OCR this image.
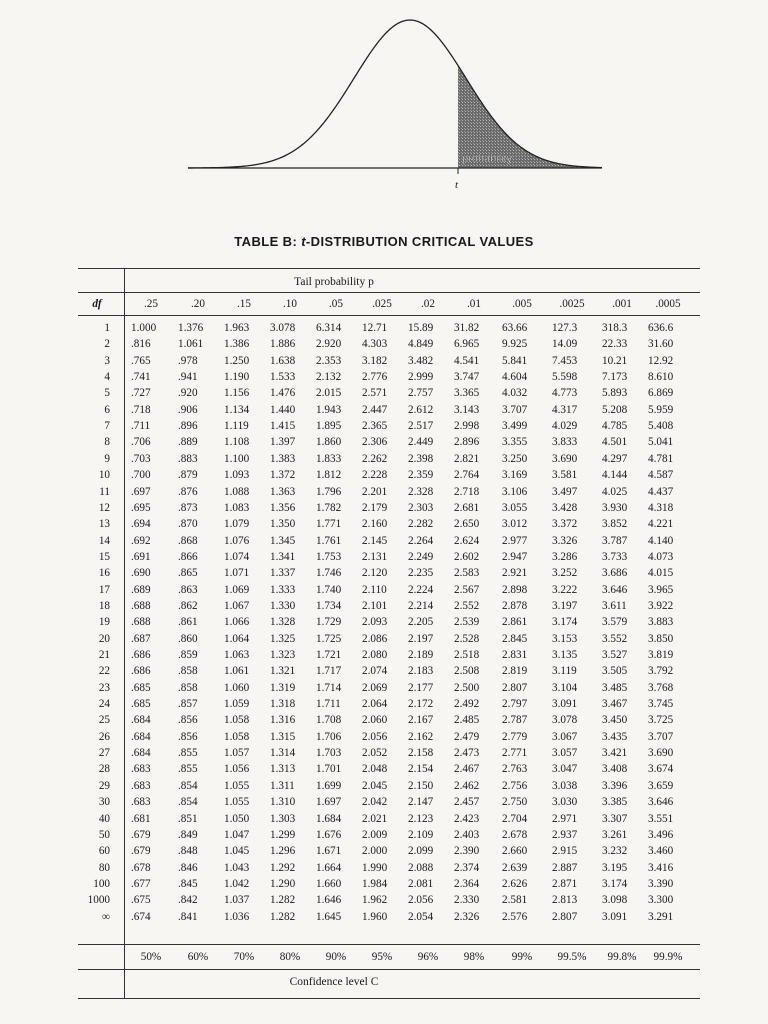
probability
t
TABLE B: t-DISTRIBUTION CRITICAL VALUES
Tail probability p
Confidence level C
df	.25	.20	.15	.10	.05	.025	.02	.01	.005	.0025	.001	.0005
1 1.000 1.376 1.963 3.078 6.314 12.71 15.89 31.82 63.66 127.3 318.3 636.6
2 .816 1.061 1.386 1.886 2.920 4.303 4.849 6.965 9.925 14.09 22.33 31.60
3 .765 .978 1.250 1.638 2.353 3.182 3.482 4.541 5.841 7.453 10.21 12.92
4 .741 .941 1.190 1.533 2.132 2.776 2.999 3.747 4.604 5.598 7.173 8.610
5 .727 .920 1.156 1.476 2.015 2.571 2.757 3.365 4.032 4.773 5.893 6.869
6 .718 .906 1.134 1.440 1.943 2.447 2.612 3.143 3.707 4.317 5.208 5.959
7 .711 .896 1.119 1.415 1.895 2.365 2.517 2.998 3.499 4.029 4.785 5.408
8 .706 .889 1.108 1.397 1.860 2.306 2.449 2.896 3.355 3.833 4.501 5.041
9 .703 .883 1.100 1.383 1.833 2.262 2.398 2.821 3.250 3.690 4.297 4.781
10 .700 .879 1.093 1.372 1.812 2.228 2.359 2.764 3.169 3.581 4.144 4.587
11 .697 .876 1.088 1.363 1.796 2.201 2.328 2.718 3.106 3.497 4.025 4.437
12 .695 .873 1.083 1.356 1.782 2.179 2.303 2.681 3.055 3.428 3.930 4.318
13 .694 .870 1.079 1.350 1.771 2.160 2.282 2.650 3.012 3.372 3.852 4.221
14 .692 .868 1.076 1.345 1.761 2.145 2.264 2.624 2.977 3.326 3.787 4.140
15 .691 .866 1.074 1.341 1.753 2.131 2.249 2.602 2.947 3.286 3.733 4.073
16 .690 .865 1.071 1.337 1.746 2.120 2.235 2.583 2.921 3.252 3.686 4.015
17 .689 .863 1.069 1.333 1.740 2.110 2.224 2.567 2.898 3.222 3.646 3.965
18 .688 .862 1.067 1.330 1.734 2.101 2.214 2.552 2.878 3.197 3.611 3.922
19 .688 .861 1.066 1.328 1.729 2.093 2.205 2.539 2.861 3.174 3.579 3.883
20 .687 .860 1.064 1.325 1.725 2.086 2.197 2.528 2.845 3.153 3.552 3.850
21 .686 .859 1.063 1.323 1.721 2.080 2.189 2.518 2.831 3.135 3.527 3.819
22 .686 .858 1.061 1.321 1.717 2.074 2.183 2.508 2.819 3.119 3.505 3.792
23 .685 .858 1.060 1.319 1.714 2.069 2.177 2.500 2.807 3.104 3.485 3.768
24 .685 .857 1.059 1.318 1.711 2.064 2.172 2.492 2.797 3.091 3.467 3.745
25 .684 .856 1.058 1.316 1.708 2.060 2.167 2.485 2.787 3.078 3.450 3.725
26 .684 .856 1.058 1.315 1.706 2.056 2.162 2.479 2.779 3.067 3.435 3.707
27 .684 .855 1.057 1.314 1.703 2.052 2.158 2.473 2.771 3.057 3.421 3.690
28 .683 .855 1.056 1.313 1.701 2.048 2.154 2.467 2.763 3.047 3.408 3.674
29 .683 .854 1.055 1.311 1.699 2.045 2.150 2.462 2.756 3.038 3.396 3.659
30 .683 .854 1.055 1.310 1.697 2.042 2.147 2.457 2.750 3.030 3.385 3.646
40 .681 .851 1.050 1.303 1.684 2.021 2.123 2.423 2.704 2.971 3.307 3.551
50 .679 .849 1.047 1.299 1.676 2.009 2.109 2.403 2.678 2.937 3.261 3.496
60 .679 .848 1.045 1.296 1.671 2.000 2.099 2.390 2.660 2.915 3.232 3.460
80 .678 .846 1.043 1.292 1.664 1.990 2.088 2.374 2.639 2.887 3.195 3.416
100 .677 .845 1.042 1.290 1.660 1.984 2.081 2.364 2.626 2.871 3.174 3.390
1000 .675 .842 1.037 1.282 1.646 1.962 2.056 2.330 2.581 2.813 3.098 3.300
∞ .674 .841 1.036 1.282 1.645 1.960 2.054 2.326 2.576 2.807 3.091 3.291
50%	60%	70%	80%	90%	95%	96%	98%	99%	99.5%	99.8%	99.9%
